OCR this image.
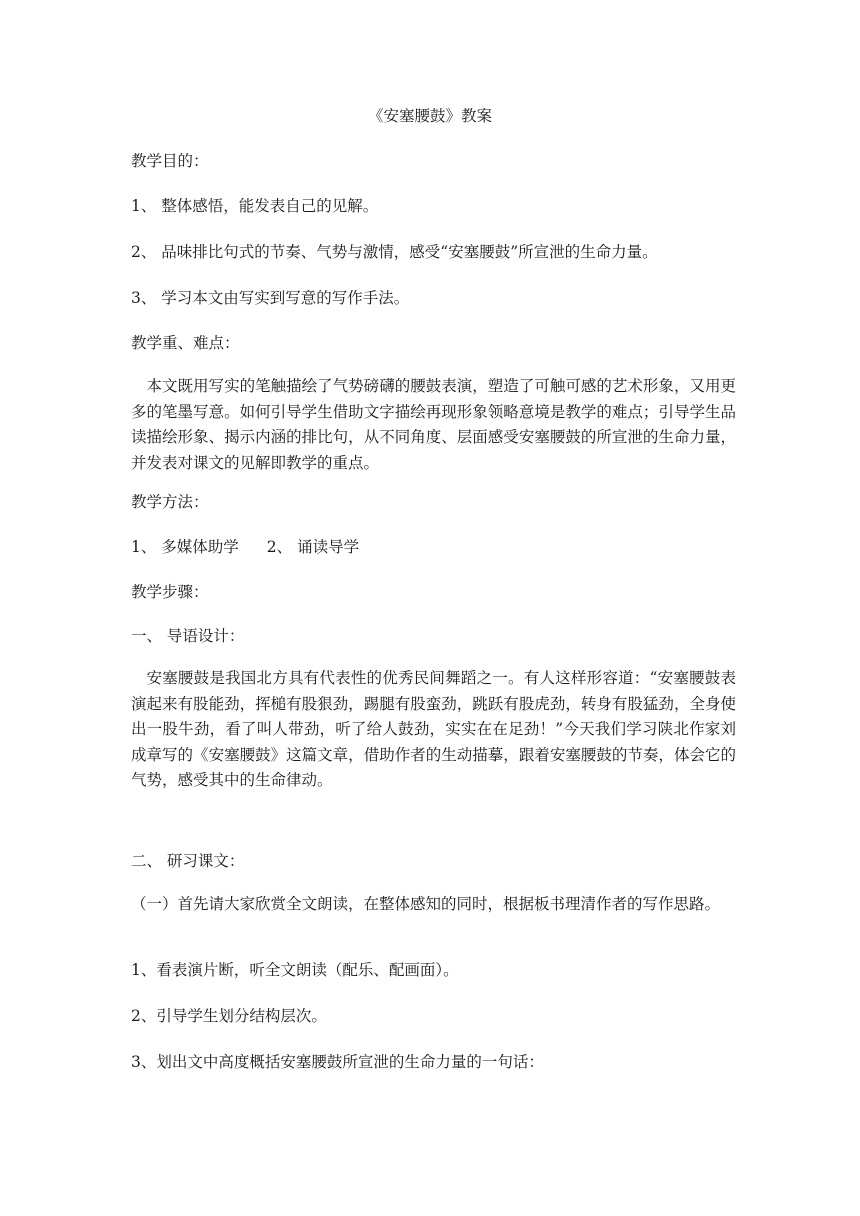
《安塞腰鼓》教案
教学目的：
1、 整体感悟，能发表自己的见解。
2、 品味排比句式的节奏、气势与激情，感受“安塞腰鼓”所宣泄的生命力量。
3、 学习本文由写实到写意的写作手法。
教学重、难点：
本文既用写实的笔触描绘了气势磅礴的腰鼓表演，塑造了可触可感的艺术形象，又用更多的笔墨写意。如何引导学生借助文字描绘再现形象领略意境是教学的难点；引导学生品读描绘形象、揭示内涵的排比句，从不同角度、层面感受安塞腰鼓的所宣泄的生命力量，并发表对课文的见解即教学的重点。
教学方法：
1、 多媒体助学 2、 诵读导学
教学步骤：
一、 导语设计：
安塞腰鼓是我国北方具有代表性的优秀民间舞蹈之一。有人这样形容道：“安塞腰鼓表演起来有股能劲，挥槌有股狠劲，踢腿有股蛮劲，跳跃有股虎劲，转身有股猛劲，全身使出一股牛劲，看了叫人带劲，听了给人鼓劲，实实在在足劲！”今天我们学习陕北作家刘成章写的《安塞腰鼓》这篇文章，借助作者的生动描摹，跟着安塞腰鼓的节奏，体会它的气势，感受其中的生命律动。
二、 研习课文：
（一）首先请大家欣赏全文朗读，在整体感知的同时，根据板书理清作者的写作思路。
1、看表演片断，听全文朗读（配乐、配画面）。
2、引导学生划分结构层次。
3、划出文中高度概括安塞腰鼓所宣泄的生命力量的一句话：
